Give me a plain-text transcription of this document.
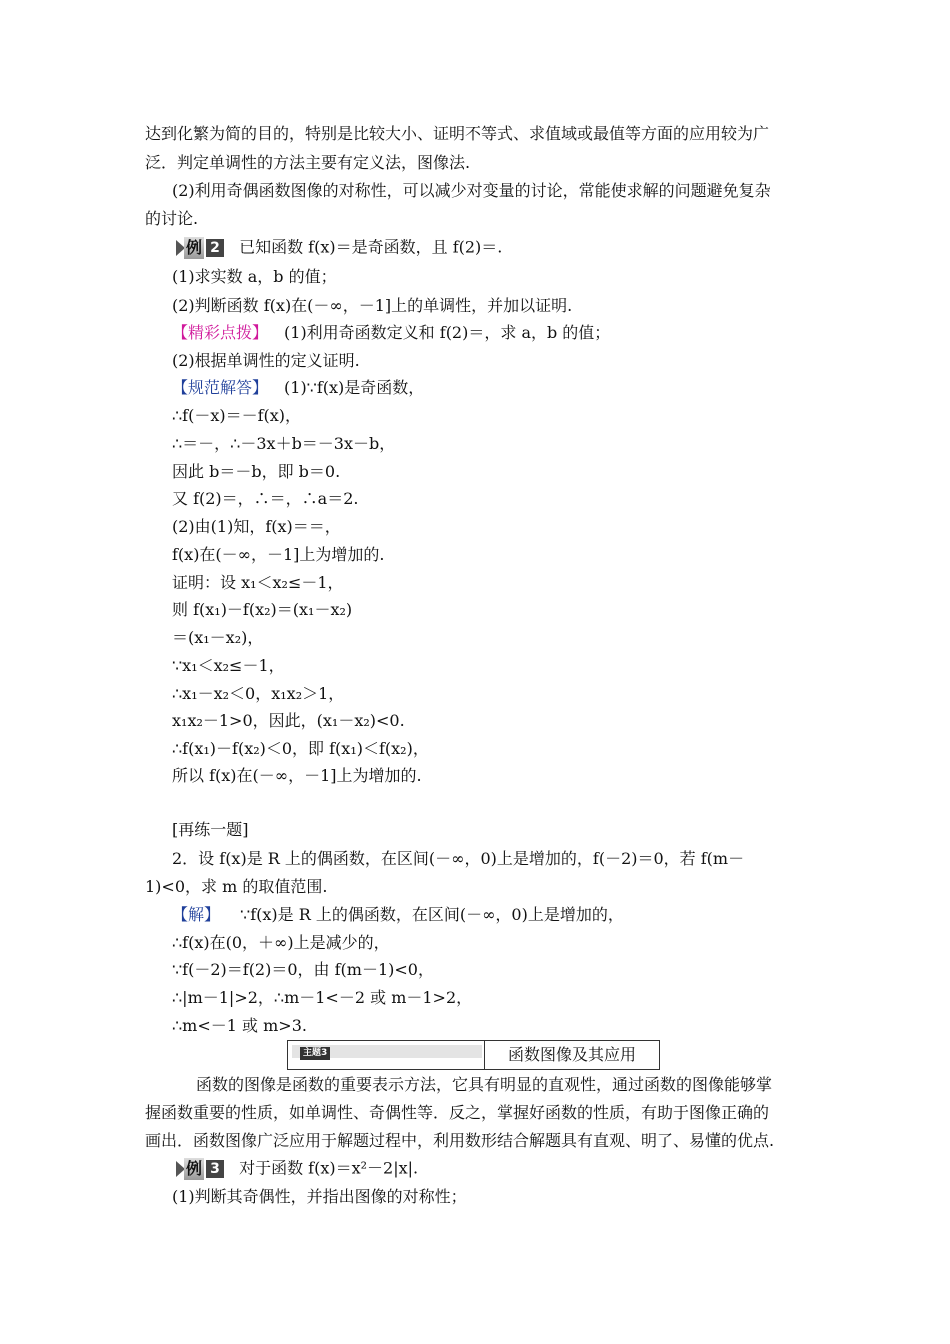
达到化繁为简的目的，特别是比较大小、证明不等式、求值域或最值等方面的应用较为广
泛．判定单调性的方法主要有定义法，图像法.
(2)利用奇偶函数图像的对称性，可以减少对变量的讨论，常能使求解的问题避免复杂
的讨论.
例 2 已知函数 f(x)＝是奇函数，且 f(2)＝.
(1)求实数 a，b 的值；
(2)判断函数 f(x)在(－∞，－1]上的单调性，并加以证明.
【精彩点拨】 (1)利用奇函数定义和 f(2)＝，求 a，b 的值；
(2)根据单调性的定义证明.
【规范解答】 (1)∵f(x)是奇函数，
∴f(－x)＝－f(x)，
∴＝－，∴－3x＋b＝－3x－b，
因此 b＝－b，即 b＝0.
又 f(2)＝，∴＝，∴a＝2.
(2)由(1)知，f(x)＝＝，
f(x)在(－∞，－1]上为增加的.
证明：设 x₁＜x₂≤－1，
则 f(x₁)－f(x₂)＝(x₁－x₂)
＝(x₁－x₂)，
∵x₁＜x₂≤－1，
∴x₁－x₂＜0，x₁x₂＞1，
x₁x₂－1>0，因此，(x₁－x₂)<0.
∴f(x₁)－f(x₂)＜0，即 f(x₁)＜f(x₂)，
所以 f(x)在(－∞，－1]上为增加的.
[再练一题]
2．设 f(x)是 R 上的偶函数，在区间(－∞，0)上是增加的，f(－2)＝0，若 f(m－
1)<0，求 m 的取值范围.
【解】 ∵f(x)是 R 上的偶函数，在区间(－∞，0)上是增加的，
∴f(x)在(0，＋∞)上是减少的，
∵f(－2)＝f(2)＝0，由 f(m－1)<0，
∴|m－1|>2，∴m－1<－2 或 m－1>2，
∴m<－1 或 m>3.
主题3	函数图像及其应用
函数的图像是函数的重要表示方法，它具有明显的直观性，通过函数的图像能够掌
握函数重要的性质，如单调性、奇偶性等．反之，掌握好函数的性质，有助于图像正确的
画出．函数图像广泛应用于解题过程中，利用数形结合解题具有直观、明了、易懂的优点.
例 3 对于函数 f(x)＝x²－2|x|.
(1)判断其奇偶性，并指出图像的对称性；
